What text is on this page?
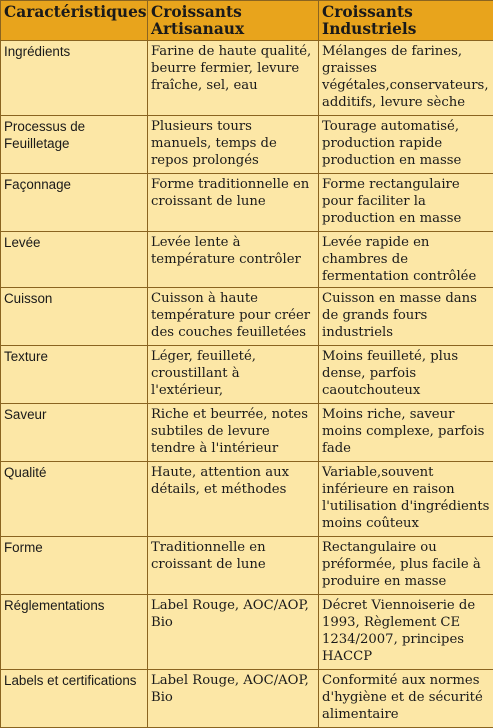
Caractéristiques	Croissants Artisanaux	Croissants Industriels
Ingrédients	Farine de haute qualité, beurre fermier, levure fraîche, sel, eau	Mélanges de farines, graisses végétales,conservateurs, additifs, levure sèche
Processus de Feuilletage	Plusieurs tours manuels, temps de repos prolongés	Tourage automatisé, production rapide production en masse
Façonnage	Forme traditionnelle en croissant de lune	Forme rectangulaire pour faciliter la production en masse
Levée	Levée lente à température contrôler	Levée rapide en chambres de fermentation contrôlée
Cuisson	Cuisson à haute température pour créer des couches feuilletées	Cuisson en masse dans de grands fours industriels
Texture	Léger, feuilleté, croustillant à l'extérieur,	Moins feuilleté, plus dense, parfois caoutchouteux
Saveur	Riche et beurrée, notes subtiles de levure tendre à l'intérieur	Moins riche, saveur moins complexe, parfois fade
Qualité	Haute, attention aux détails, et méthodes	Variable,souvent inférieure en raison l'utilisation d'ingrédients moins coûteux
Forme	Traditionnelle en croissant de lune	Rectangulaire ou préformée, plus facile à produire en masse
Réglementations	Label Rouge, AOC/AOP, Bio	Décret Viennoiserie de 1993, Règlement CE 1234/2007, principes HACCP
Labels et certifications	Label Rouge, AOC/AOP, Bio	Conformité aux normes d'hygiène et de sécurité alimentaire
